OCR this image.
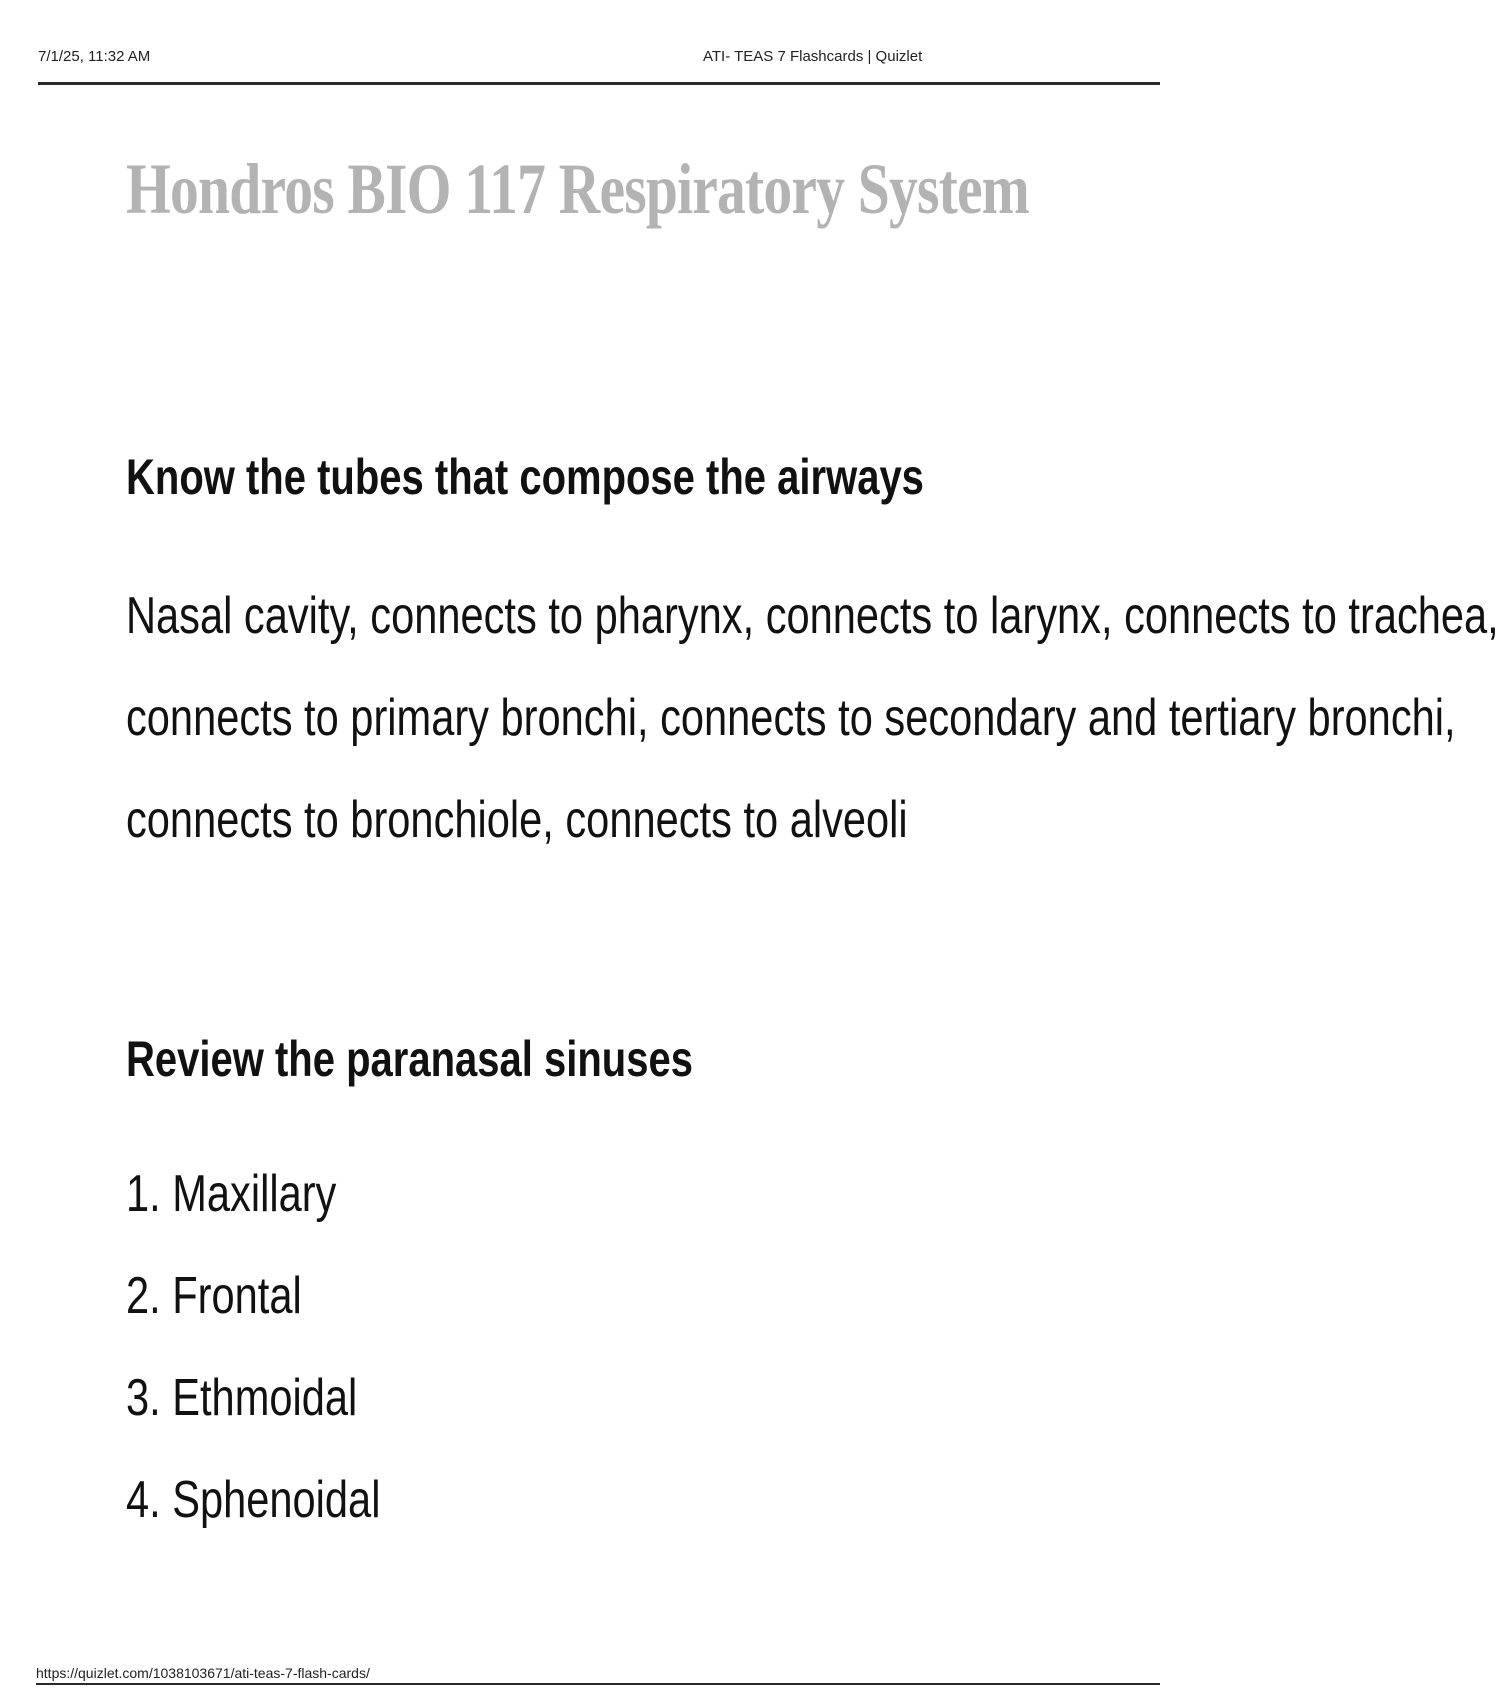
7/1/25, 11:32 AM	ATI- TEAS 7 Flashcards | Quizlet
Hondros BIO 117 Respiratory System
Know the tubes that compose the airways
Nasal cavity, connects to pharynx, connects to larynx, connects to trachea,
connects to primary bronchi, connects to secondary and tertiary bronchi,
connects to bronchiole, connects to alveoli
Review the paranasal sinuses
1. Maxillary
2. Frontal
3. Ethmoidal
4. Sphenoidal
https://quizlet.com/1038103671/ati-teas-7-flash-cards/
